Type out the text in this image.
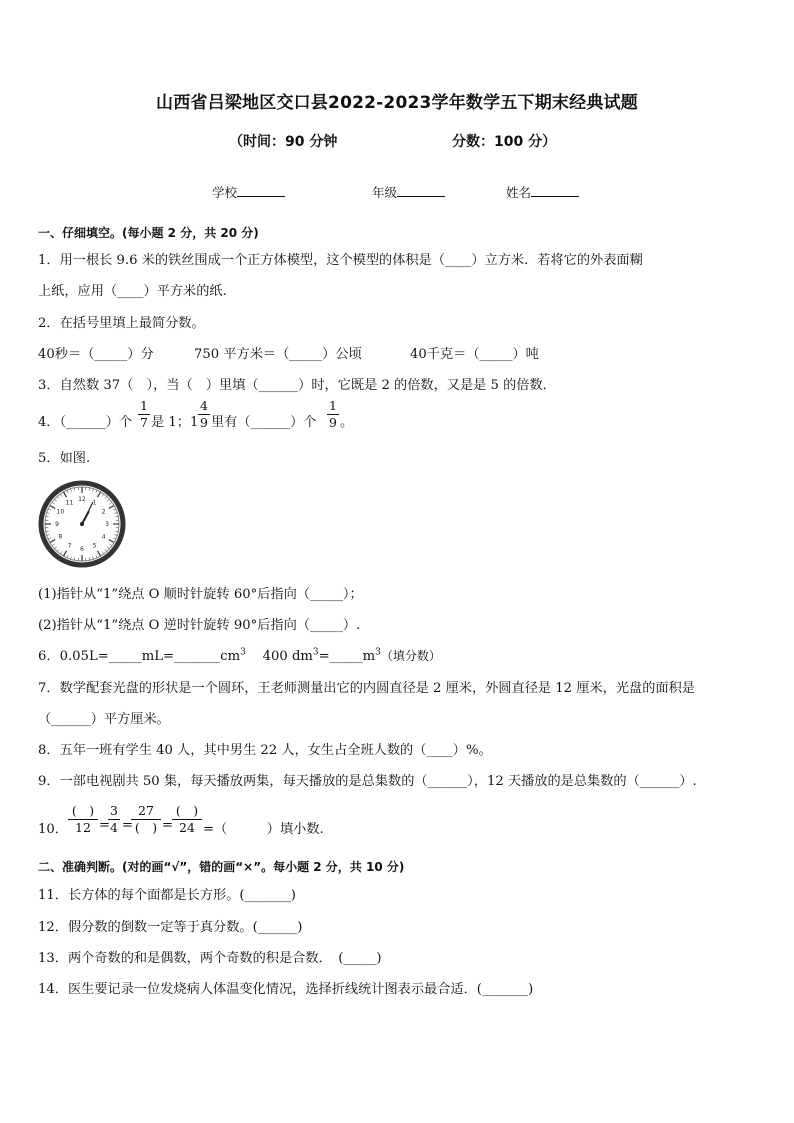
山西省吕梁地区交口县2022-2023学年数学五下期末经典试题
（时间：90 分钟	分数：100 分）
学校	年级	姓名
一、仔细填空。(每小题 2 分，共 20 分)
1．用一根长 9.6 米的铁丝围成一个正方体模型，这个模型的体积是（____）立方米．若将它的外表面糊
上纸，应用（____）平方米的纸.
2．在括号里填上最简分数。
40秒＝（_____）分	750 平方米＝（_____）公顷	40千克＝（_____）吨
3．自然数 37（　），当（　）里填（______）时，它既是 2 的倍数，又是是 5 的倍数．
4．（______）个
1
7 是 1；1
4
9 里有（______）个
1
9 。
5．如图.
12 1
2
3
4
5
6
7
8
9
10
11
(1)指针从“1”绕点 O 顺时针旋转 60°后指向（_____）；
(2)指针从“1”绕点 O 逆时针旋转 90°后指向（_____）.
6．$0.05L=\_\_\_\_\_mL=\_\_\_\_\_\_\_cm^3$ 400 $dm^3=\_\_\_\_\_m^3$（填分数）
7．数学配套光盘的形状是一个圆环，王老师测量出它的内圆直径是 2 厘米，外圆直径是 12 厘米，光盘的面积是
（______）平方厘米。
8．五年一班有学生 40 人，其中男生 22 人，女生占全班人数的（____）%。
9．一部电视剧共 50 集，每天播放两集，每天播放的是总集数的（______），12 天播放的是总集数的（______）.
10．
(　)
12 =
3
4 =
27
(　) =
(　)
24 =（　　　）填小数.
二、准确判断。(对的画“√”，错的画“×”。每小题 2 分，共 10 分)
11．长方体的每个面都是长方形。(_______)
12．假分数的倒数一定等于真分数。(______)
13．两个奇数的和是偶数，两个奇数的积是合数．　(_____)
14．医生要记录一位发烧病人体温变化情况，选择折线统计图表示最合适．(_______)
